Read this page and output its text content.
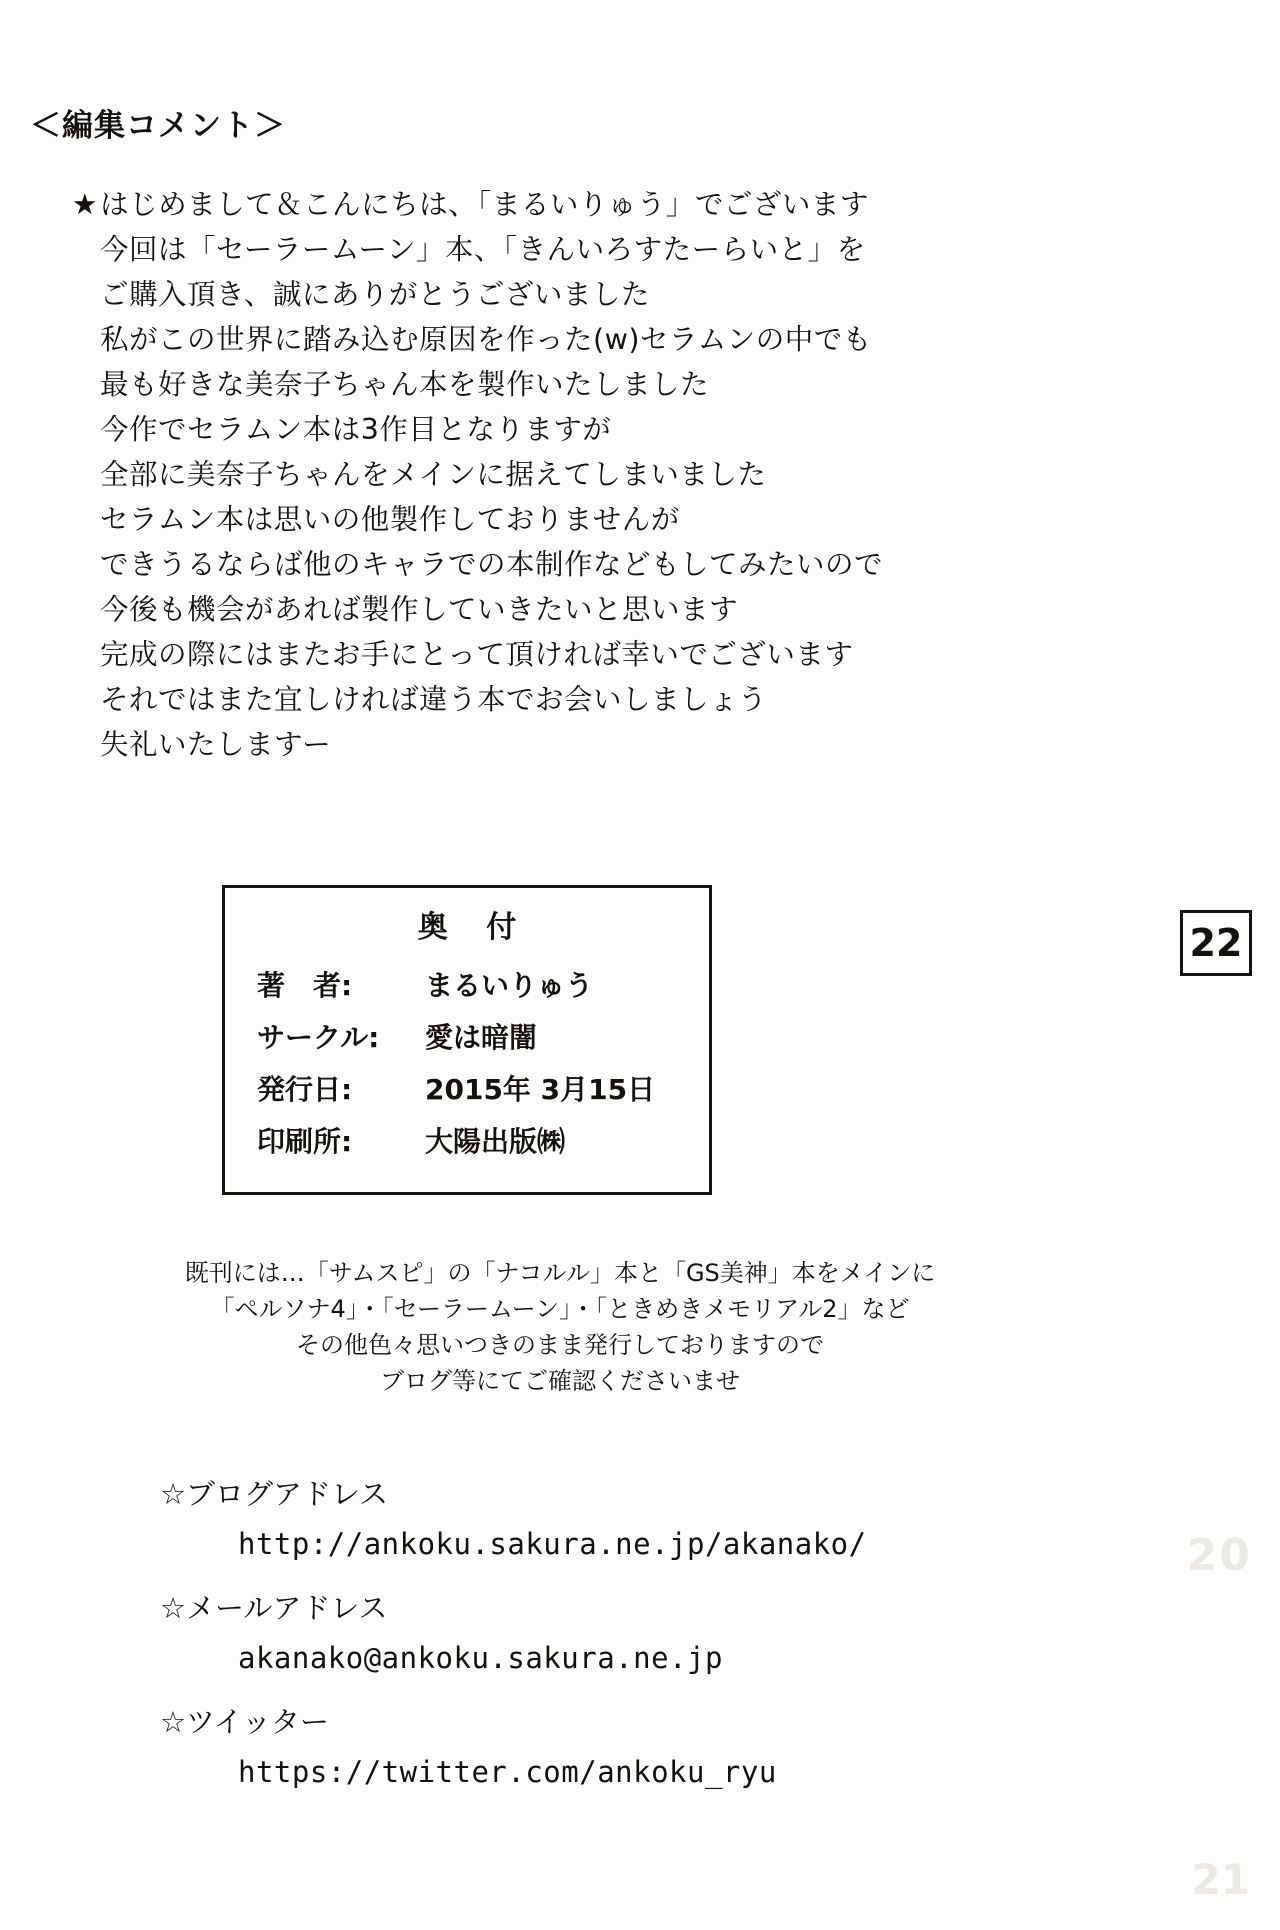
＜編集コメント＞
★はじめまして＆こんにちは、「まるいりゅう」でございます
今回は「セーラームーン」本、「きんいろすたーらいと」を
ご購入頂き、誠にありがとうございました
私がこの世界に踏み込む原因を作った(w)セラムンの中でも
最も好きな美奈子ちゃん本を製作いたしました
今作でセラムン本は3作目となりますが
全部に美奈子ちゃんをメインに据えてしまいました
セラムン本は思いの他製作しておりませんが
できうるならば他のキャラでの本制作などもしてみたいので
今後も機会があれば製作していきたいと思います
完成の際にはまたお手にとって頂ければ幸いでございます
それではまた宜しければ違う本でお会いしましょう
失礼いたしますー
奥 付
著　者:	まるいりゅう
サークル: 愛は暗闇
発行日:	2015年 3月15日
印刷所:	大陽出版㈱
22
既刊には…「サムスピ」の「ナコルル」本と「GS美神」本をメインに
「ペルソナ4」・「セーラームーン」・「ときめきメモリアル2」など
その他色々思いつきのまま発行しておりますので
ブログ等にてご確認くださいませ
☆ブログアドレス
http://ankoku.sakura.ne.jp/akanako/
☆メールアドレス
akanako@ankoku.sakura.ne.jp
☆ツイッター
https://twitter.com/ankoku_ryu
20
21
